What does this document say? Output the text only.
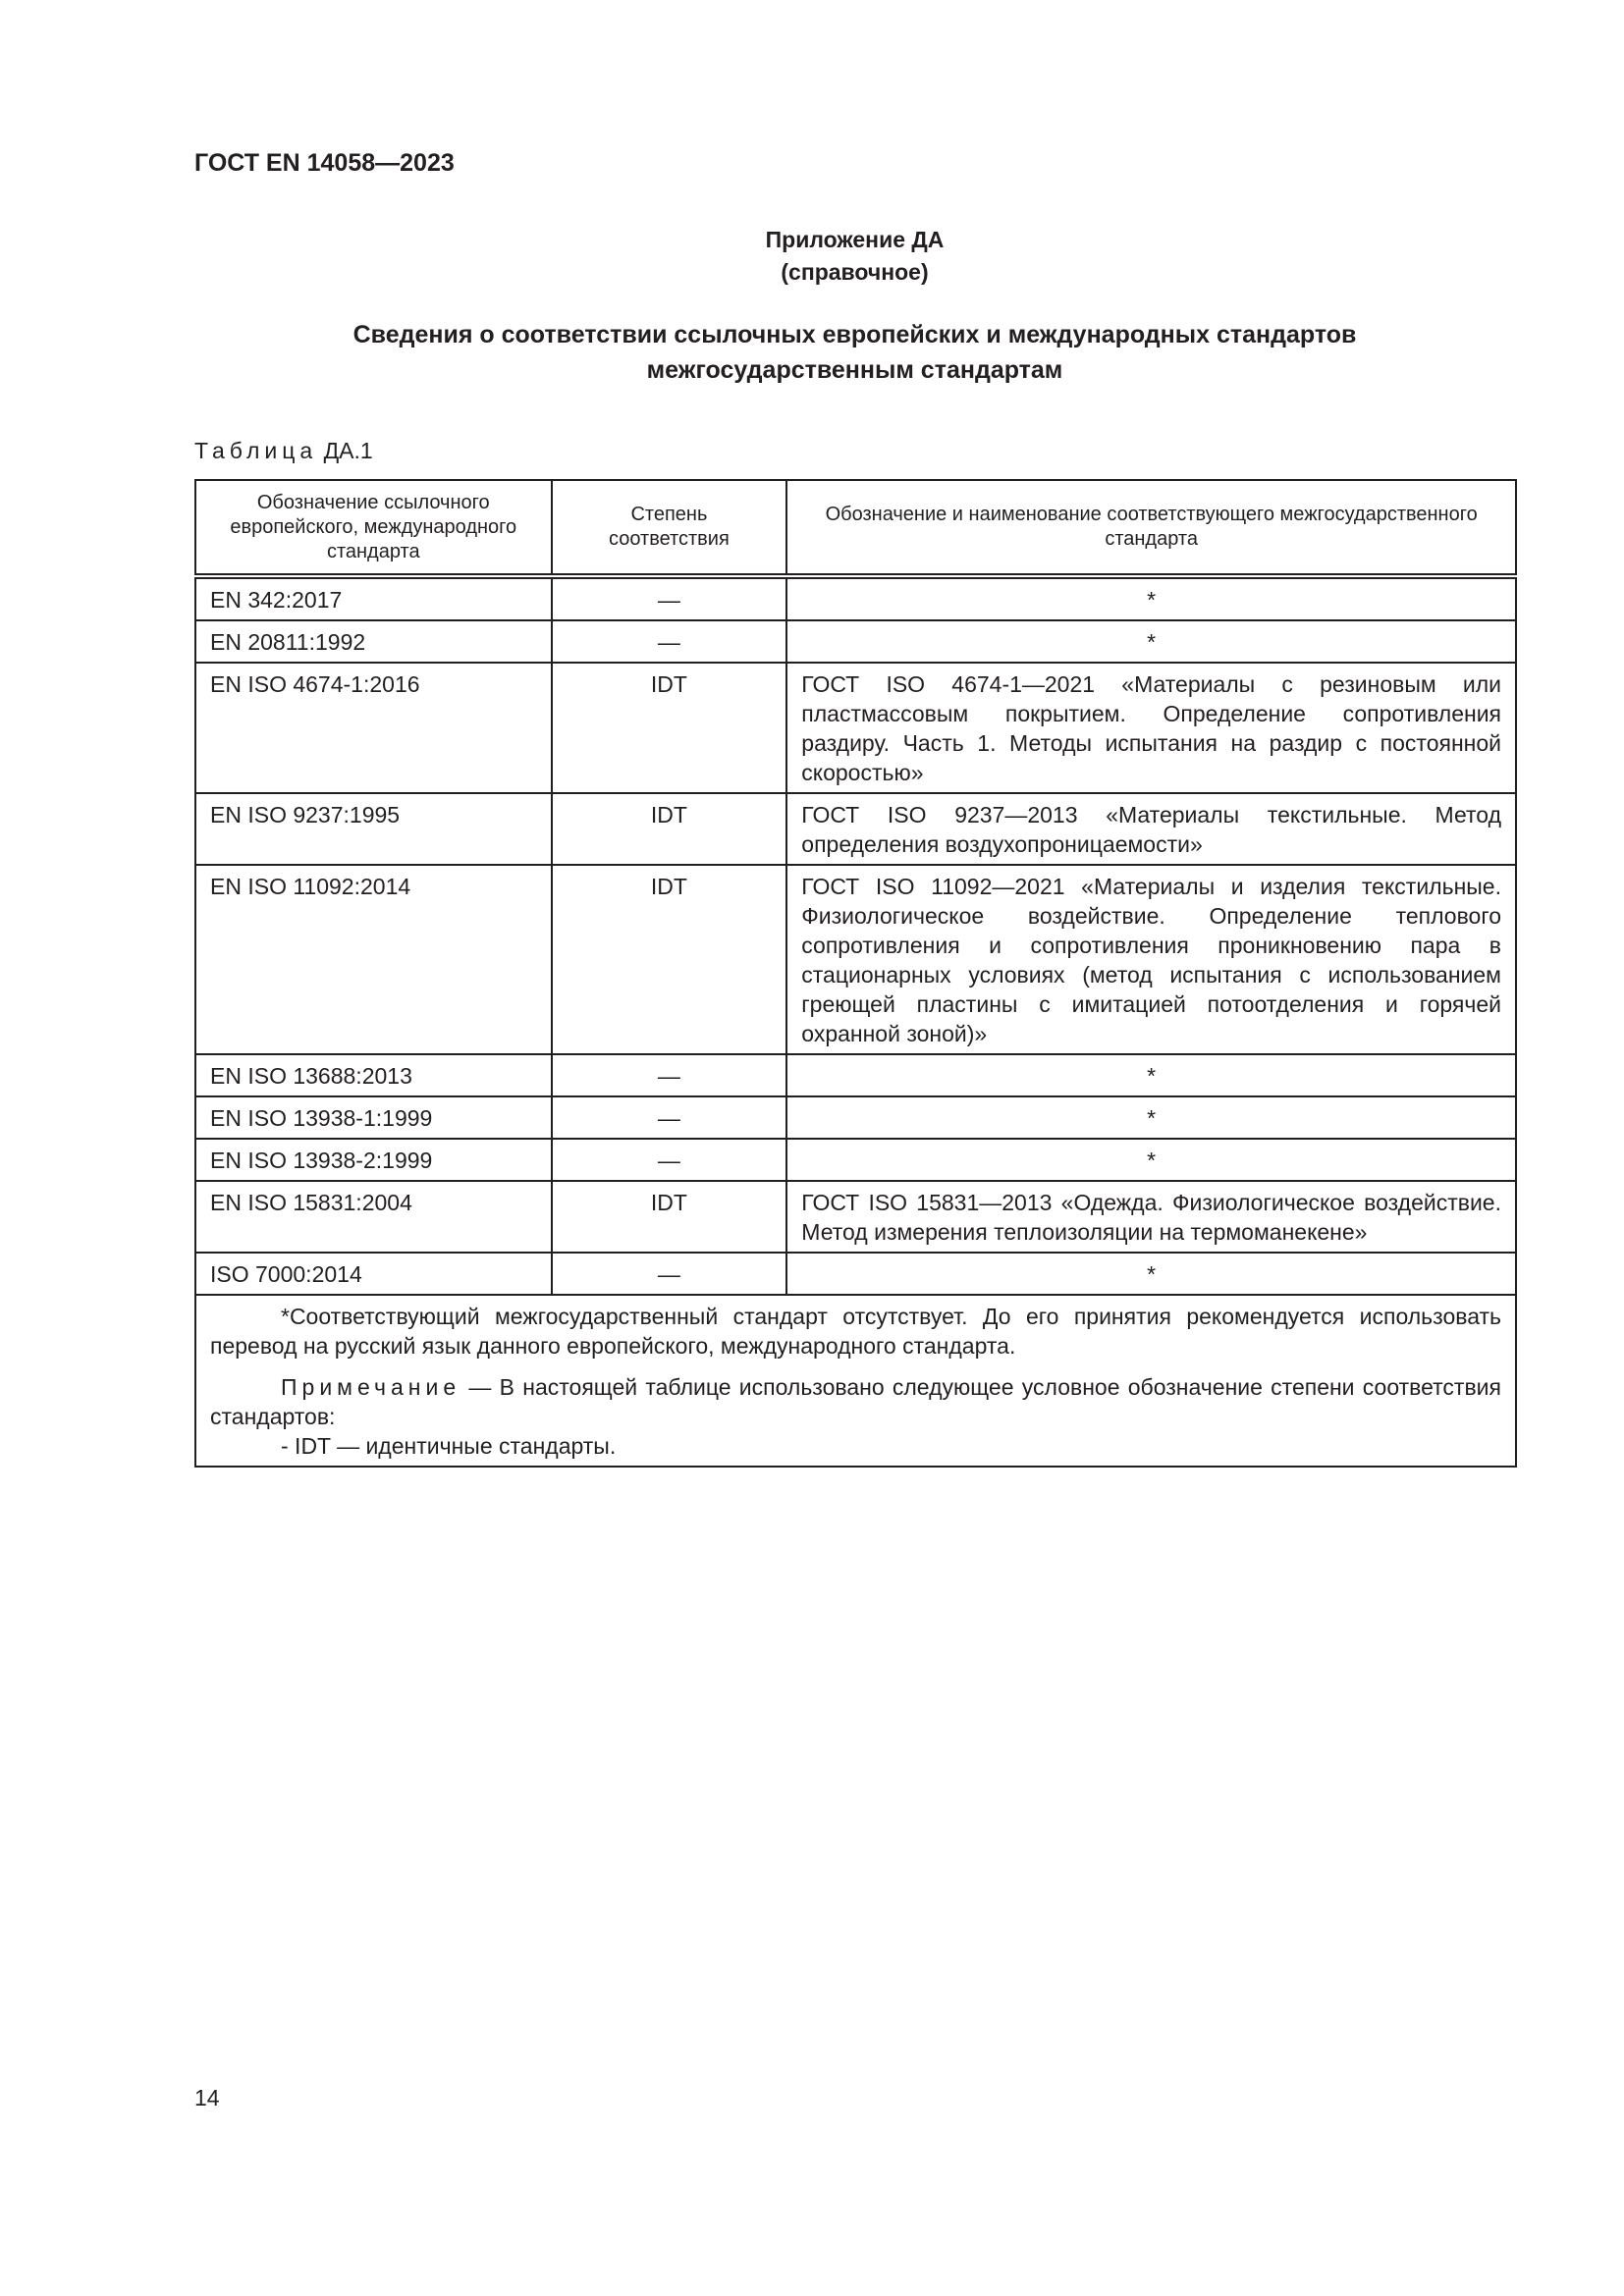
ГОСТ EN 14058—2023
Приложение ДА
(справочное)
Сведения о соответствии ссылочных европейских и международных стандартов
межгосударственным стандартам
Таблица ДА.1
Обозначение ссылочного европейского, международного стандарта	Степень соответствия	Обозначение и наименование соответствующего межгосударственного стандарта
EN 342:2017	—	*
EN 20811:1992	—	*
EN ISO 4674-1:2016	IDT	ГОСТ ISO 4674-1—2021 «Материалы с резиновым или пластмассовым покрытием. Определение сопротивления раздиру. Часть 1. Методы испытания на раздир с постоянной скоростью»
EN ISO 9237:1995	IDT	ГОСТ ISO 9237—2013 «Материалы текстильные. Метод определения воздухопроницаемости»
EN ISO 11092:2014	IDT	ГОСТ ISO 11092—2021 «Материалы и изделия текстильные. Физиологическое воздействие. Определение теплового сопротивления и сопротивления проникновению пара в стационарных условиях (метод испытания с использованием греющей пластины с имитацией потоотделения и горячей охранной зоной)»
EN ISO 13688:2013	—	*
EN ISO 13938-1:1999	—	*
EN ISO 13938-2:1999	—	*
EN ISO 15831:2004	IDT	ГОСТ ISO 15831—2013 «Одежда. Физиологическое воздействие. Метод измерения теплоизоляции на термоманекене»
ISO 7000:2014	—	*

*Соответствующий межгосударственный стандарт отсутствует. До его принятия рекомендуется использовать перевод на русский язык данного европейского, международного стандарта.

Примечание — В настоящей таблице использовано следующее условное обозначение степени соответствия стандартов:

- IDT — идентичные стандарты.		

14
